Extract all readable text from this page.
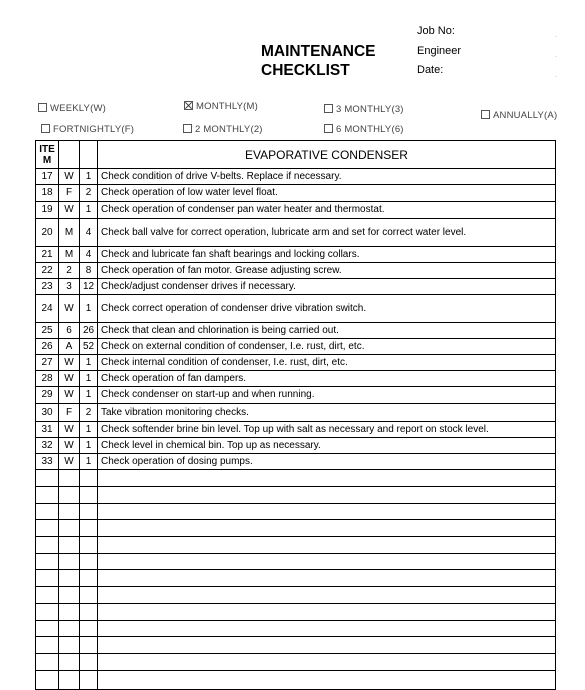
MAINTENANCE
CHECKLIST
Job No:
Engineer
Date:
˙
˙
˙
WEEKLY(W)	MONTHLY(M)	3 MONTHLY(3)
ANNUALLY(A)
FORTNIGHTLY(F)	2 MONTHLY(2)	6 MONTHLY(6)
ITE
M			EVAPORATIVE CONDENSER
17	W	1	Check condition of drive V-belts. Replace if necessary.
18	F	2	Check operation of low water level float.
19	W	1	Check operation of condenser pan water heater and thermostat.
20	M	4	Check ball valve for correct operation, lubricate arm and set for correct water level.
21	M	4	Check and lubricate fan shaft bearings and locking collars.
22	2	8	Check operation of fan motor. Grease adjusting screw.
23	3	12	Check/adjust condenser drives if necessary.
24	W	1	Check correct operation of condenser drive vibration switch.
25	6	26	Check that clean and chlorination is being carried out.
26	A	52	Check on external condition of condenser, I.e. rust, dirt, etc.
27	W	1	Check internal condition of condenser, I.e. rust, dirt, etc.
28	W	1	Check operation of fan dampers.
29	W	1	Check condenser on start-up and when running.
30	F	2	Take vibration monitoring checks.
31	W	1	Check softender brine bin level. Top up with salt as necessary and report on stock level.
32	W	1	Check level in chemical bin. Top up as necessary.
33	W	1	Check operation of dosing pumps.
